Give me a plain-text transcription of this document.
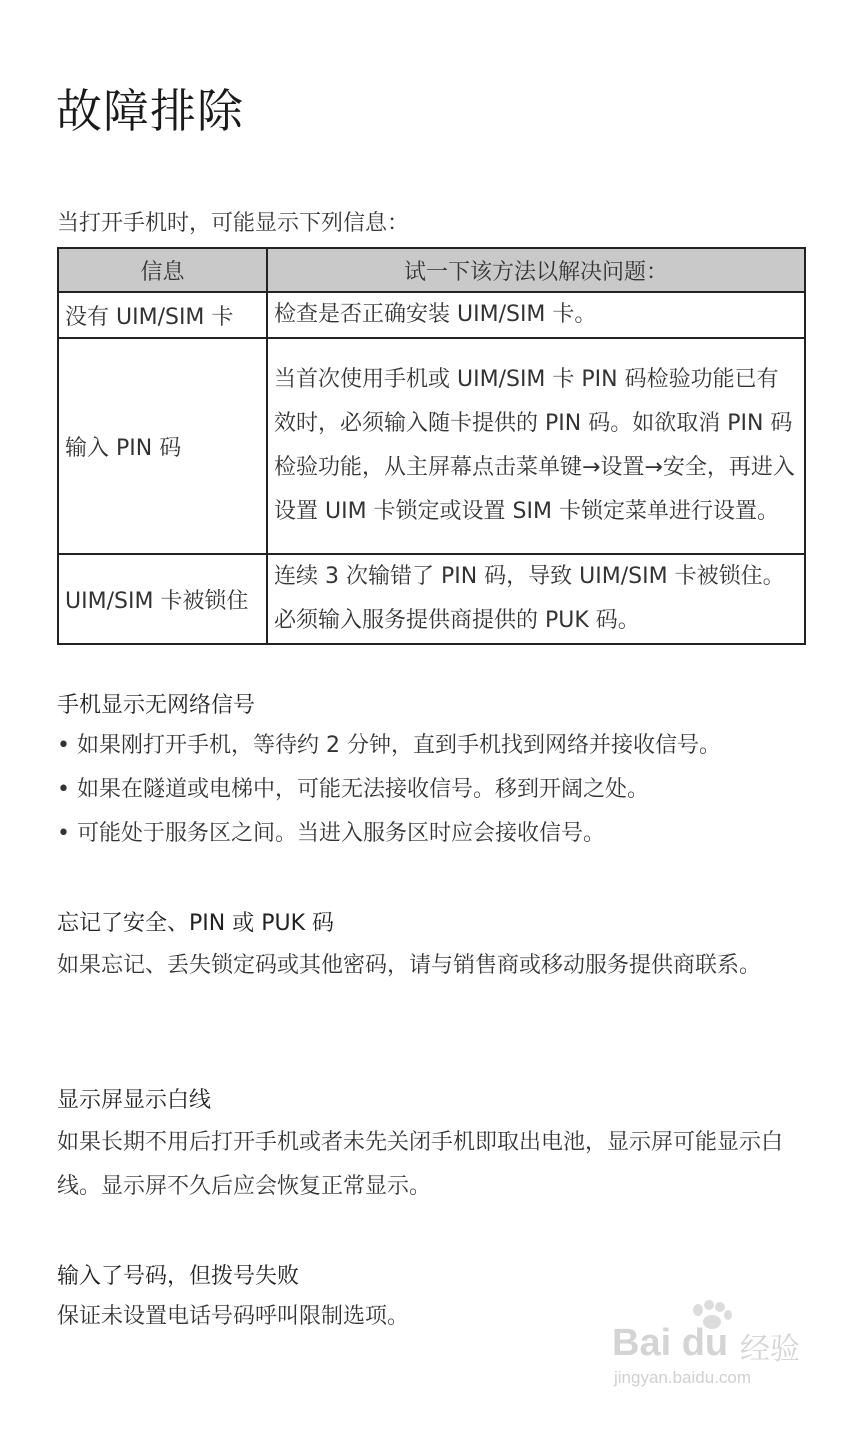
故障排除
当打开手机时，可能显示下列信息：
信息	试一下该方法以解决问题：
没有 UIM/SIM 卡	检查是否正确安装 UIM/SIM 卡。
输入 PIN 码	当首次使用手机或 UIM/SIM 卡 PIN 码检验功能已有效时，必须输入随卡提供的 PIN 码。如欲取消 PIN 码检验功能，从主屏幕点击菜单键→设置→安全，再进入设置 UIM 卡锁定或设置 SIM 卡锁定菜单进行设置。
UIM/SIM 卡被锁住	连续 3 次输错了 PIN 码，导致 UIM/SIM 卡被锁住。必须输入服务提供商提供的 PUK 码。
手机显示无网络信号
• 如果刚打开手机，等待约 2 分钟，直到手机找到网络并接收信号。
• 如果在隧道或电梯中，可能无法接收信号。移到开阔之处。
• 可能处于服务区之间。当进入服务区时应会接收信号。
忘记了安全、PIN 或 PUK 码

如果忘记、丢失锁定码或其他密码，请与销售商或移动服务提供商联系。

显示屏显示白线

如果长期不用后打开手机或者未先关闭手机即取出电池，显示屏可能显示白线。显示屏不久后应会恢复正常显示。

输入了号码，但拨号失败

保证未设置电话号码呼叫限制选项。

Bai du 经验
jingyan.baidu.com
